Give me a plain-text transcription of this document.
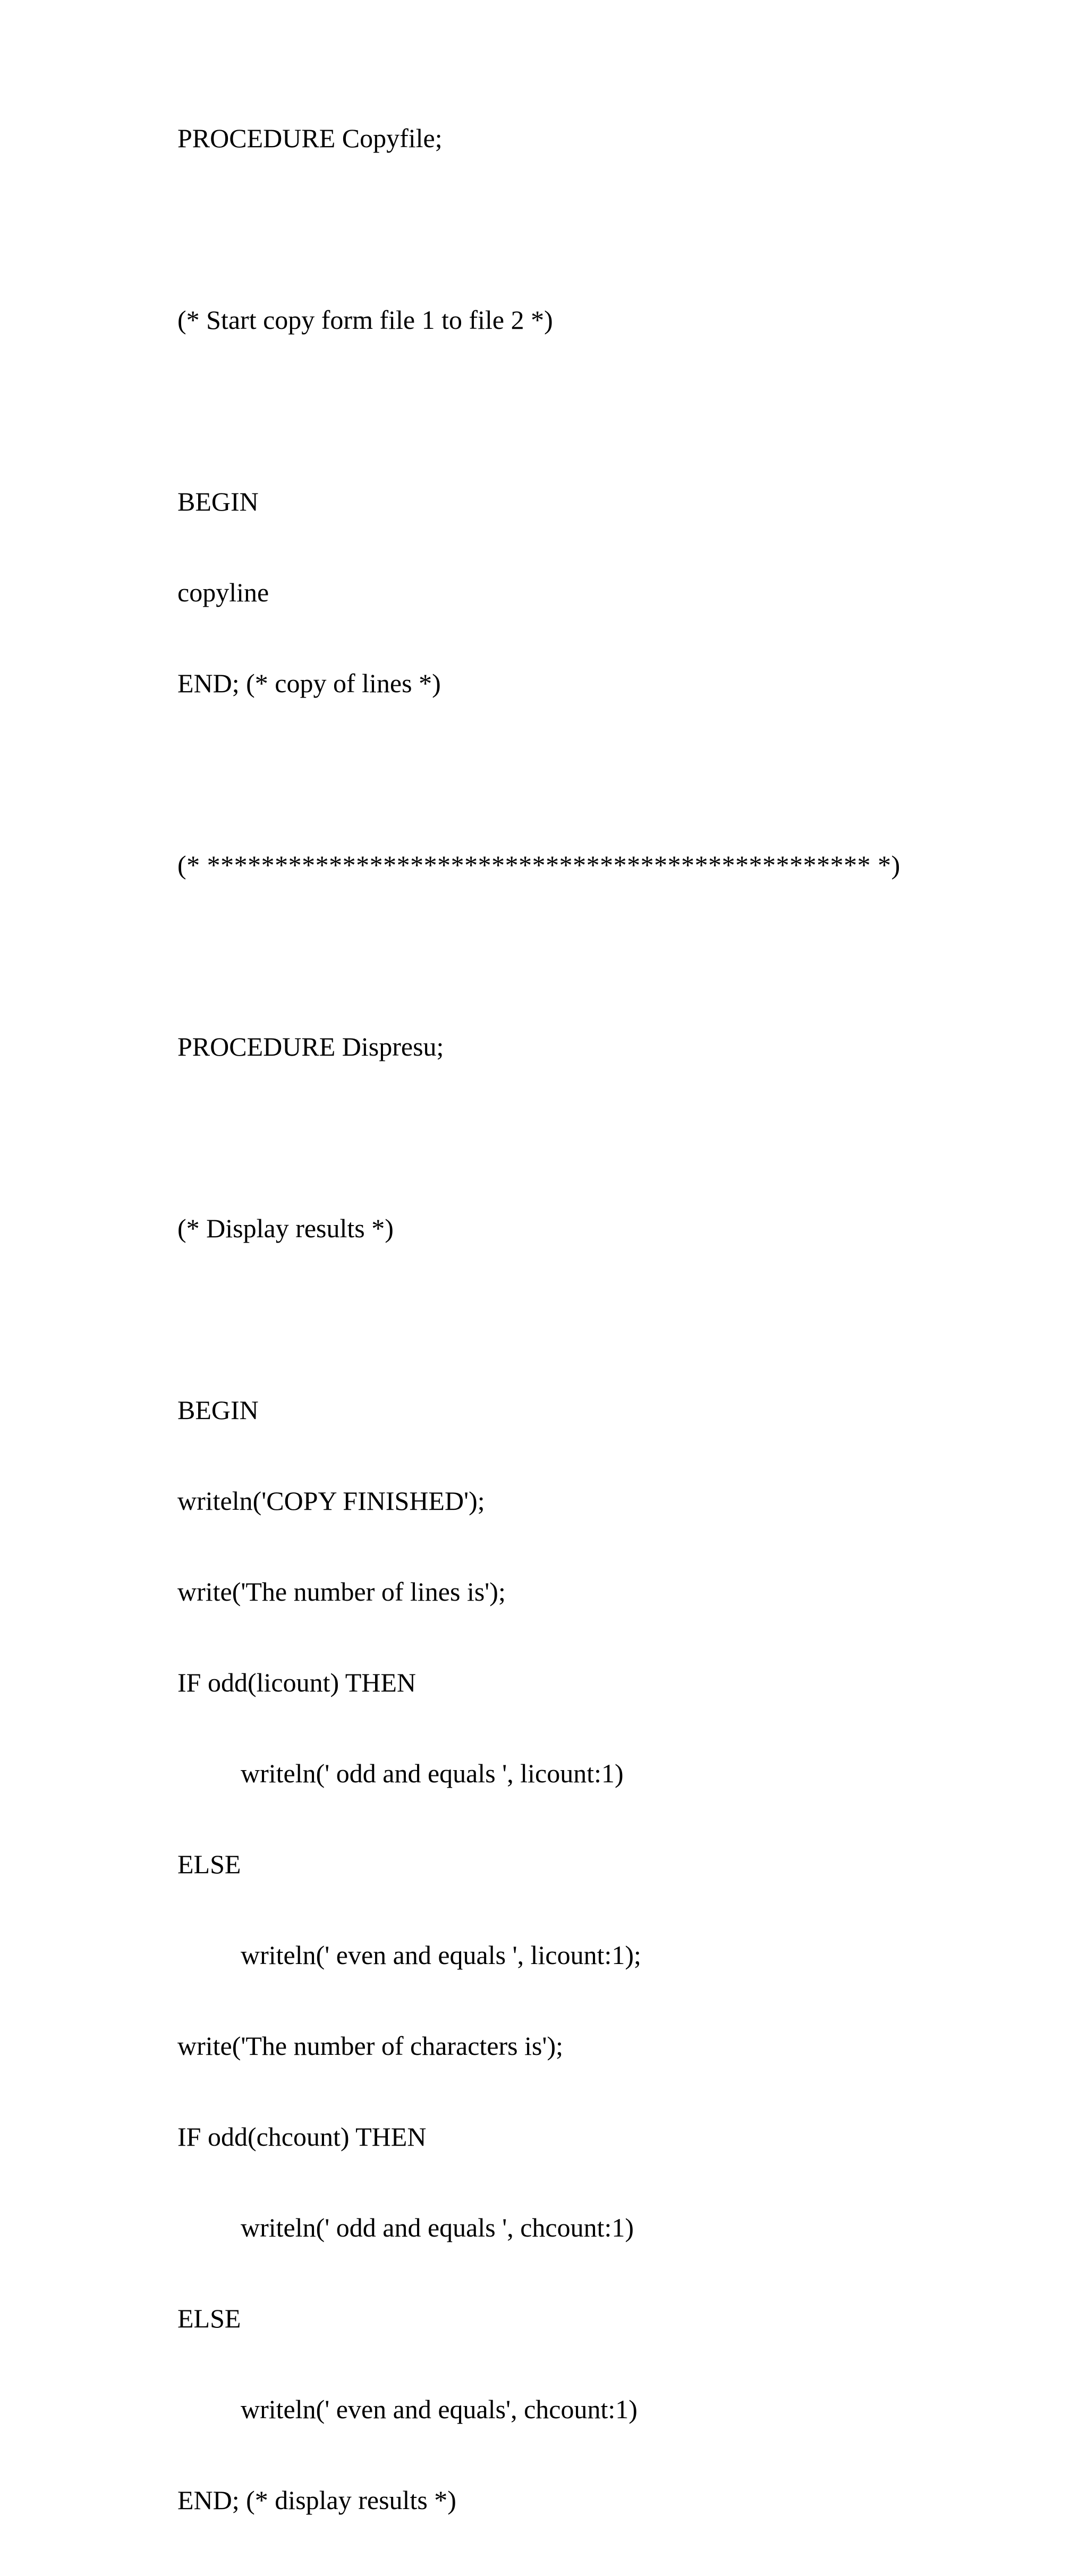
PROCEDURE Copyfile;

(* Start copy form file 1 to file 2 *)

BEGIN

copyline

END; (* copy of lines *)

(* ************************************************* *)

PROCEDURE Dispresu;

(* Display results *)

BEGIN

writeln('COPY FINISHED');

write('The number of lines is');

IF odd(licount) THEN

writeln(' odd and equals ', licount:1)

ELSE

writeln(' even and equals ', licount:1);

write('The number of characters is');

IF odd(chcount) THEN

writeln(' odd and equals ', chcount:1)

ELSE

writeln(' even and equals', chcount:1)

END; (* display results *)
